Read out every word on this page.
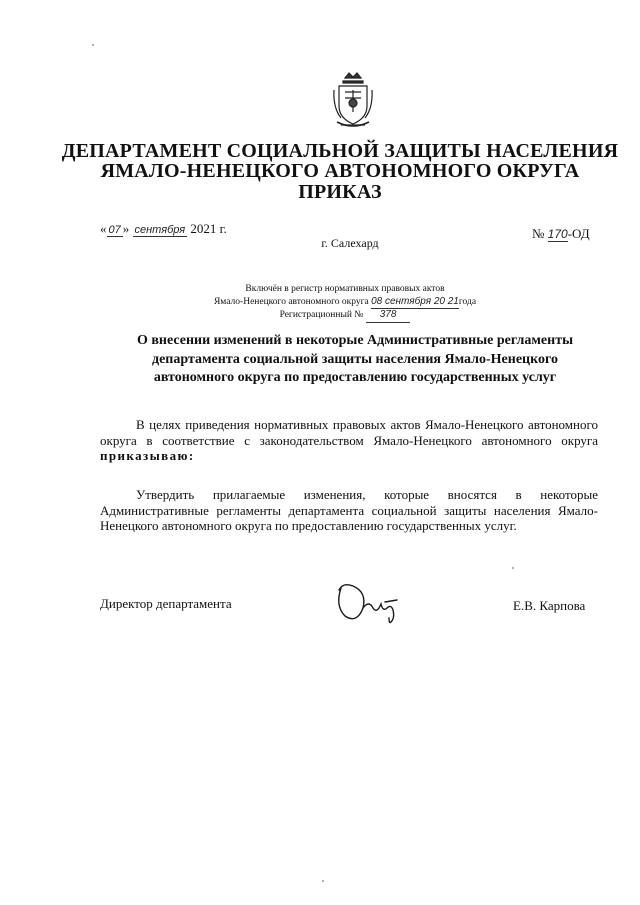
ДЕПАРТАМЕНТ СОЦИАЛЬНОЙ ЗАЩИТЫ НАСЕЛЕНИЯ
ЯМАЛО-НЕНЕЦКОГО АВТОНОМНОГО ОКРУГА
ПРИКАЗ
« 07 » сентября 2021 г.
г. Салехард
№ 170-ОД
Включён в регистр нормативных правовых актов
Ямало-Ненецкого автономного округа 08 сентября 20 21года
Регистрационный № 378
О внесении изменений в некоторые Административные регламенты департамента социальной защиты населения Ямало-Ненецкого автономного округа по предоставлению государственных услуг

В целях приведения нормативных правовых актов Ямало-Ненецкого автономного округа в соответствие с законодательством Ямало-Ненецкого автономного округа приказываю:

Утвердить прилагаемые изменения, которые вносятся в некоторые Административные регламенты департамента социальной защиты населения Ямало-Ненецкого автономного округа по предоставлению государственных услуг.

Директор департамента	Е.В. Карпова
